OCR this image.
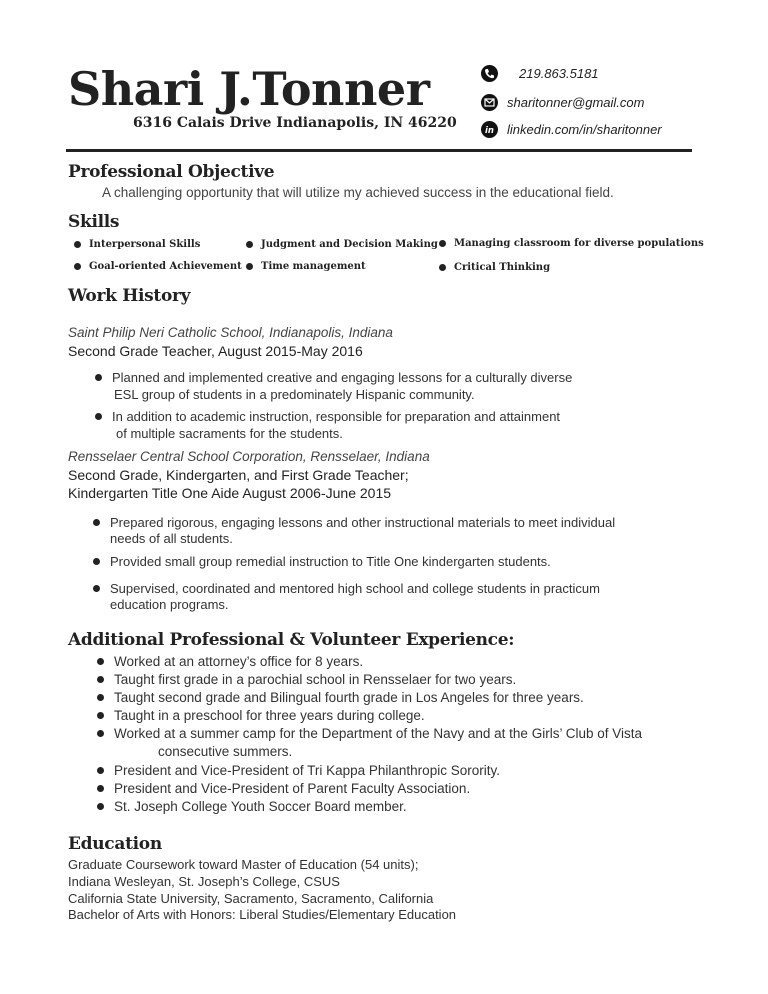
Shari J.Tonner
6316 Calais Drive Indianapolis, IN 46220
219.863.5181
sharitonner@gmail.com
in linkedin.com/in/sharitonner
Professional Objective
A challenging opportunity that will utilize my achieved success in the educational field.
Skills
Interpersonal Skills	Judgment and Decision Making Managing classroom for diverse populations
Goal-oriented Achievement Time management	Critical Thinking
Work History
Saint Philip Neri Catholic School, Indianapolis, Indiana
Second Grade Teacher, August 2015-May 2016
Planned and implemented creative and engaging lessons for a culturally diverse
ESL group of students in a predominately Hispanic community.
In addition to academic instruction, responsible for preparation and attainment
of multiple sacraments for the students.
Rensselaer Central School Corporation, Rensselaer, Indiana
Second Grade, Kindergarten, and First Grade Teacher;
Kindergarten Title One Aide August 2006-June 2015
Prepared rigorous, engaging lessons and other instructional materials to meet individual
needs of all students.
Provided small group remedial instruction to Title One kindergarten students.
Supervised, coordinated and mentored high school and college students in practicum
education programs.
Additional Professional & Volunteer Experience:
Worked at an attorney’s office for 8 years.
Taught first grade in a parochial school in Rensselaer for two years.
Taught second grade and Bilingual fourth grade in Los Angeles for three years.
Taught in a preschool for three years during college.
Worked at a summer camp for the Department of the Navy and at the Girls’ Club of Vista
consecutive summers.
President and Vice-President of Tri Kappa Philanthropic Sorority.
President and Vice-President of Parent Faculty Association.
St. Joseph College Youth Soccer Board member.
Education
Graduate Coursework toward Master of Education (54 units);
Indiana Wesleyan, St. Joseph’s College, CSUS
California State University, Sacramento, Sacramento, California
Bachelor of Arts with Honors: Liberal Studies/Elementary Education
